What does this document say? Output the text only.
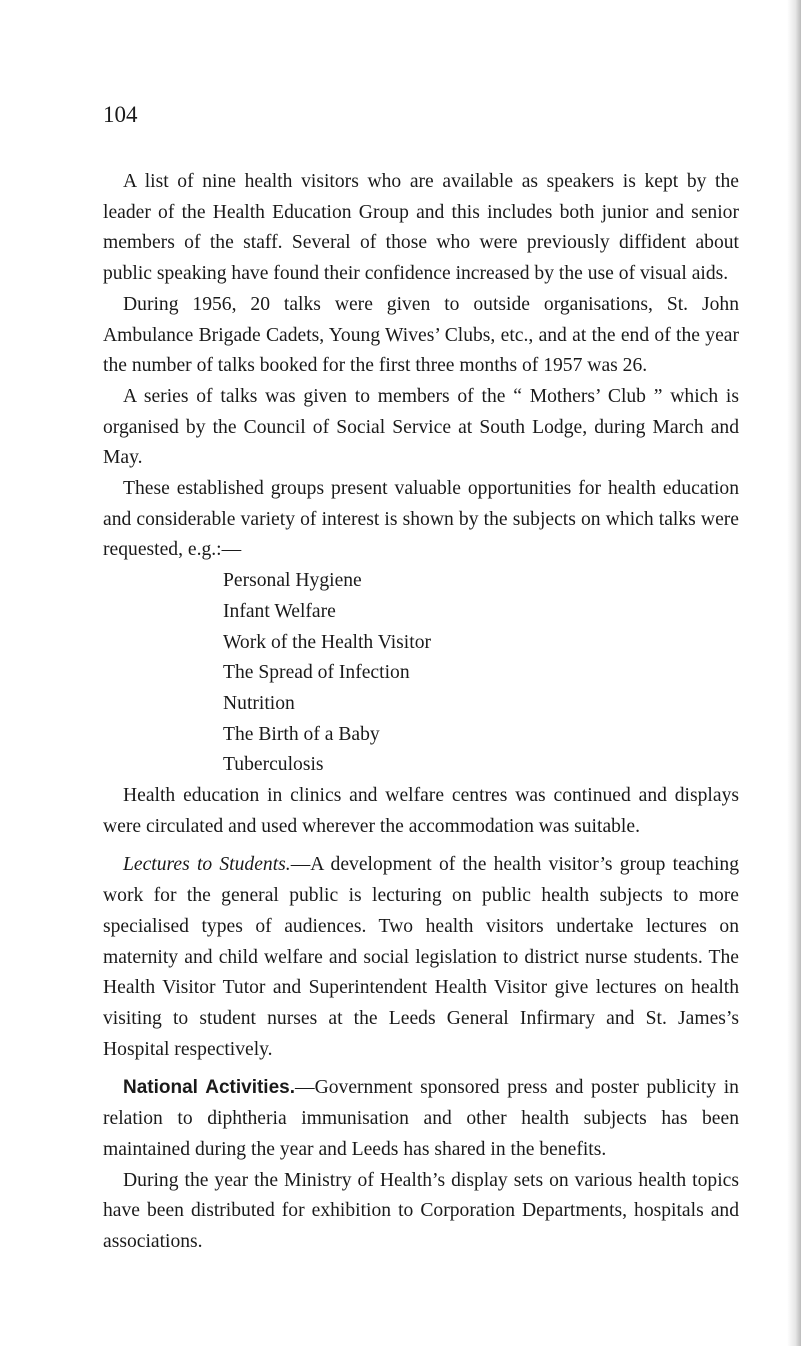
104

A list of nine health visitors who are available as speakers is kept by the leader of the Health Education Group and this includes both junior and senior members of the staff. Several of those who were previously diffident about public speaking have found their confidence increased by the use of visual aids.

During 1956, 20 talks were given to outside organisations, St. John Ambulance Brigade Cadets, Young Wives’ Clubs, etc., and at the end of the year the number of talks booked for the first three months of 1957 was 26.

A series of talks was given to members of the “ Mothers’ Club ” which is organised by the Council of Social Service at South Lodge, during March and May.

These established groups present valuable opportunities for health education and considerable variety of interest is shown by the subjects on which talks were requested, e.g.:—

Personal Hygiene
Infant Welfare
Work of the Health Visitor
The Spread of Infection
Nutrition
The Birth of a Baby
Tuberculosis

Health education in clinics and welfare centres was continued and displays were circulated and used wherever the accommodation was suitable.

Lectures to Students.—A development of the health visitor’s group teaching work for the general public is lecturing on public health subjects to more specialised types of audiences. Two health visitors undertake lectures on maternity and child welfare and social legislation to district nurse students. The Health Visitor Tutor and Superintendent Health Visitor give lectures on health visiting to student nurses at the Leeds General Infirmary and St. James’s Hospital respectively.

National Activities.—Government sponsored press and poster publicity in relation to diphtheria immunisation and other health subjects has been maintained during the year and Leeds has shared in the benefits.

During the year the Ministry of Health’s display sets on various health topics have been distributed for exhibition to Corporation Departments, hospitals and associations.
